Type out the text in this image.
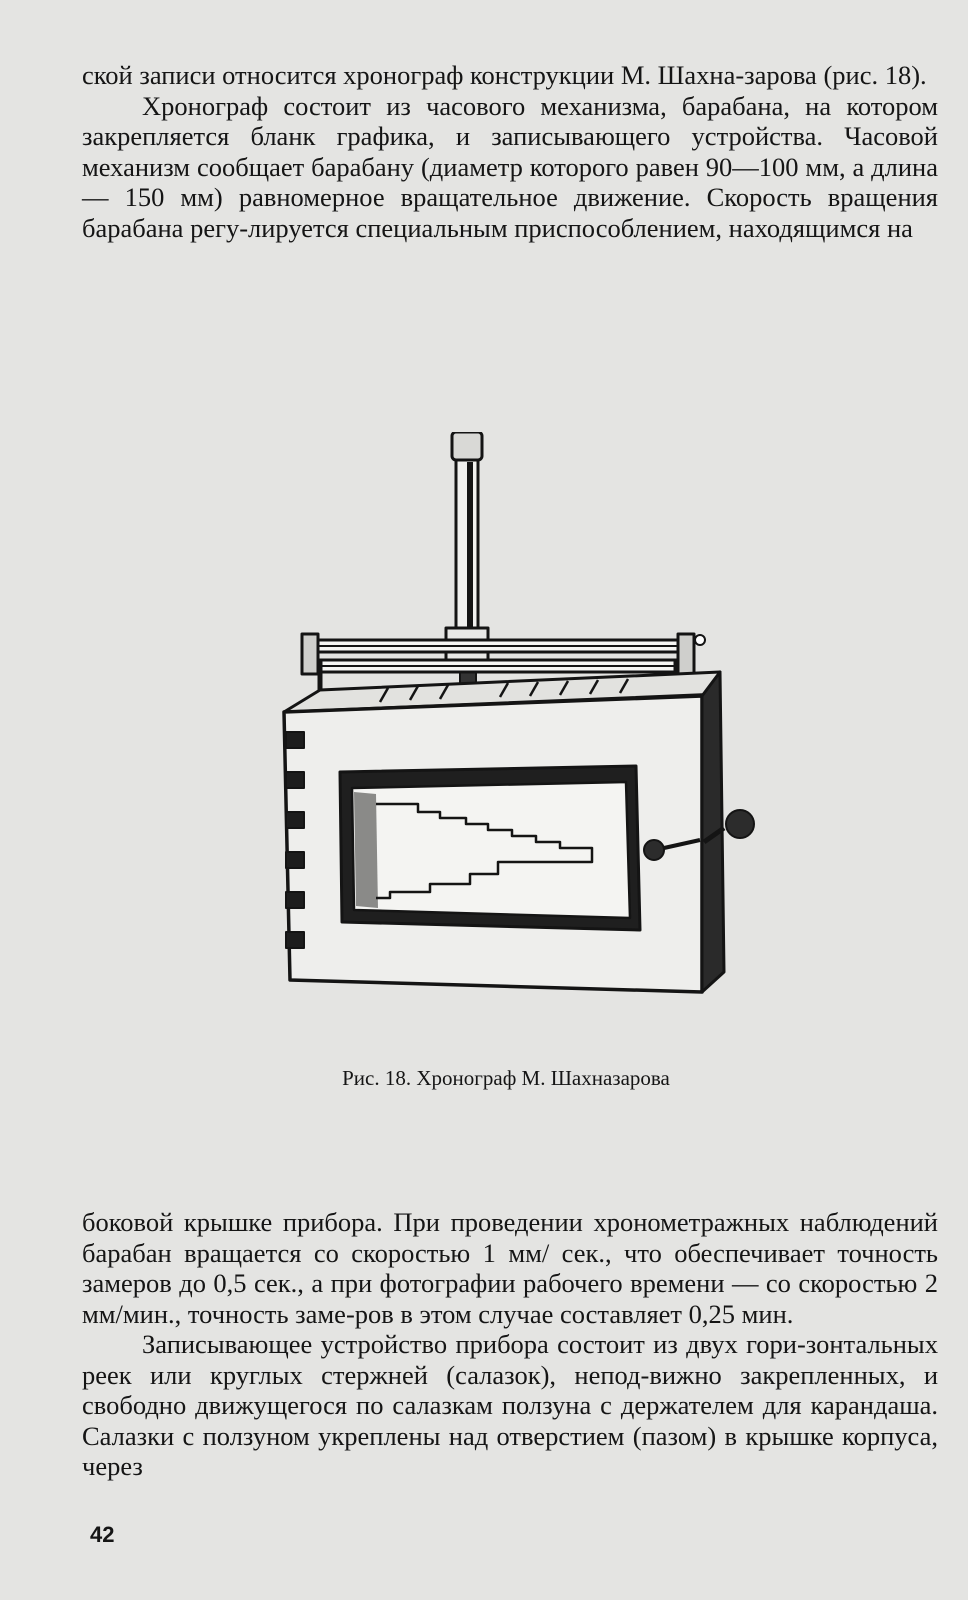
ской записи относится хронограф конструкции М. Шахна-зарова (рис. 18).

Хронограф состоит из часового механизма, барабана, на котором закрепляется бланк графика, и записывающего устройства. Часовой механизм сообщает барабану (диаметр которого равен 90—100 мм, а длина — 150 мм) равномерное вращательное движение. Скорость вращения барабана регу-лируется специальным приспособлением, находящимся на

Рис. 18. Хронограф М. Шахназарова

боковой крышке прибора. При проведении хронометражных наблюдений барабан вращается со скоростью 1 мм/ сек., что обеспечивает точность замеров до 0,5 сек., а при фотографии рабочего времени — со скоростью 2 мм/мин., точность заме-ров в этом случае составляет 0,25 мин.

Записывающее устройство прибора состоит из двух гори-зонтальных реек или круглых стержней (салазок), непод-вижно закрепленных, и свободно движущегося по салазкам ползуна с держателем для карандаша. Салазки с ползуном укреплены над отверстием (пазом) в крышке корпуса, через

42
